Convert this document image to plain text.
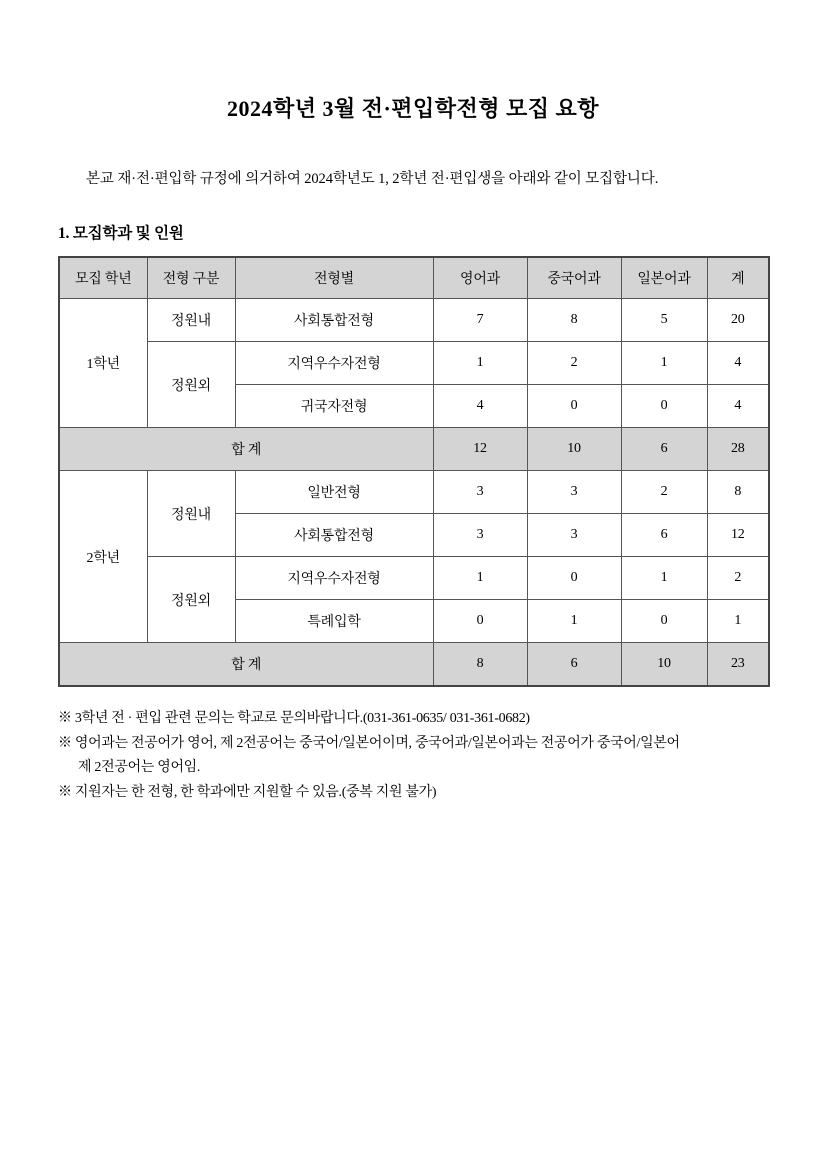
2024학년 3월 전·편입학전형 모집 요항

본교 재·전·편입학 규정에 의거하여 2024학년도 1, 2학년 전·편입생을 아래와 같이 모집합니다.

1. 모집학과 및 인원
모집 학년	전형 구분	전형별	영어과	중국어과	일본어과	계
1학년	정원내	사회통합전형	7	8	5	20
	정원외	지역우수자전형	1	2	1	4
		귀국자전형	4	0	0	4
합 계			12	10	6	28
2학년	정원내	일반전형	3	3	2	8
		사회통합전형	3	3	6	12
	정원외	지역우수자전형	1	0	1	2
		특례입학	0	1	0	1
합 계			8	6	10	23
※ 3학년 전 · 편입 관련 문의는 학교로 문의바랍니다.(031-361-0635/ 031-361-0682)
※ 영어과는 전공어가 영어, 제 2전공어는 중국어/일본어이며, 중국어과/일본어과는 전공어가 중국어/일본어
제 2전공어는 영어임.
※ 지원자는 한 전형, 한 학과에만 지원할 수 있음.(중복 지원 불가)
